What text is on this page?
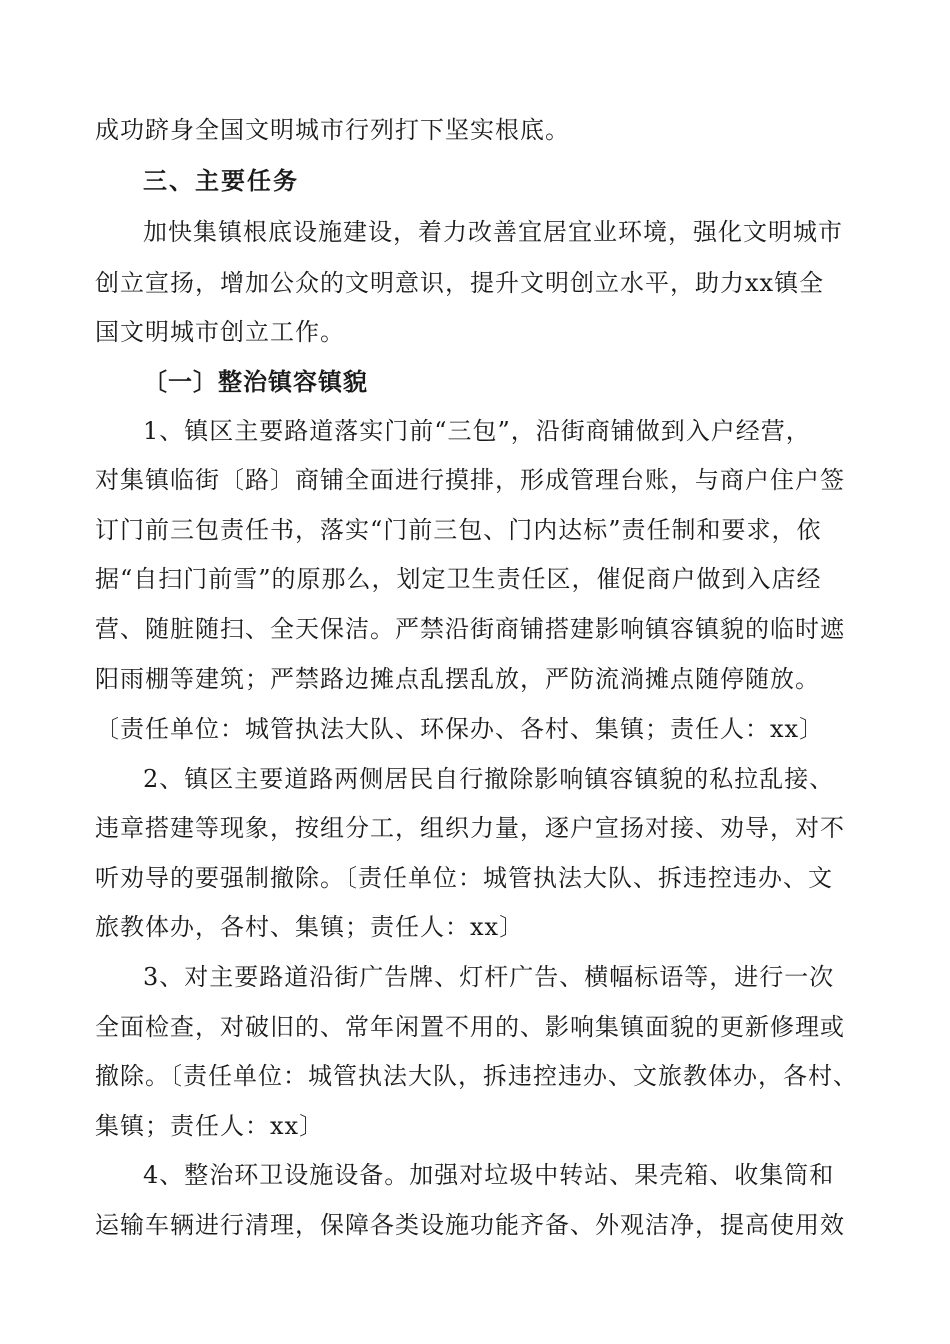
成功跻身全国文明城市行列打下坚实根底。
三、主要任务
加快集镇根底设施建设，着力改善宜居宜业环境，强化文明城市
创立宣扬，增加公众的文明意识，提升文明创立水平，助力xx镇全
国文明城市创立工作。
〔一〕整治镇容镇貌
1、镇区主要路道落实门前“三包”，沿街商铺做到入户经营，
对集镇临街〔路〕商铺全面进行摸排，形成管理台账，与商户住户签
订门前三包责任书，落实“门前三包、门内达标”责任制和要求，依
据“自扫门前雪”的原那么，划定卫生责任区，催促商户做到入店经
营、随脏随扫、全天保洁。严禁沿街商铺搭建影响镇容镇貌的临时遮
阳雨棚等建筑；严禁路边摊点乱摆乱放，严防流淌摊点随停随放。
〔责任单位：城管执法大队、环保办、各村、集镇；责任人：xx〕
2、镇区主要道路两侧居民自行撤除影响镇容镇貌的私拉乱接、
违章搭建等现象，按组分工，组织力量，逐户宣扬对接、劝导，对不
听劝导的要强制撤除。〔责任单位：城管执法大队、拆违控违办、文
旅教体办，各村、集镇；责任人：xx〕
3、对主要路道沿街广告牌、灯杆广告、横幅标语等，进行一次
全面检查，对破旧的、常年闲置不用的、影响集镇面貌的更新修理或
撤除。〔责任单位：城管执法大队，拆违控违办、文旅教体办，各村、
集镇；责任人：xx〕
4、整治环卫设施设备。加强对垃圾中转站、果壳箱、收集筒和
运输车辆进行清理，保障各类设施功能齐备、外观洁净，提高使用效
